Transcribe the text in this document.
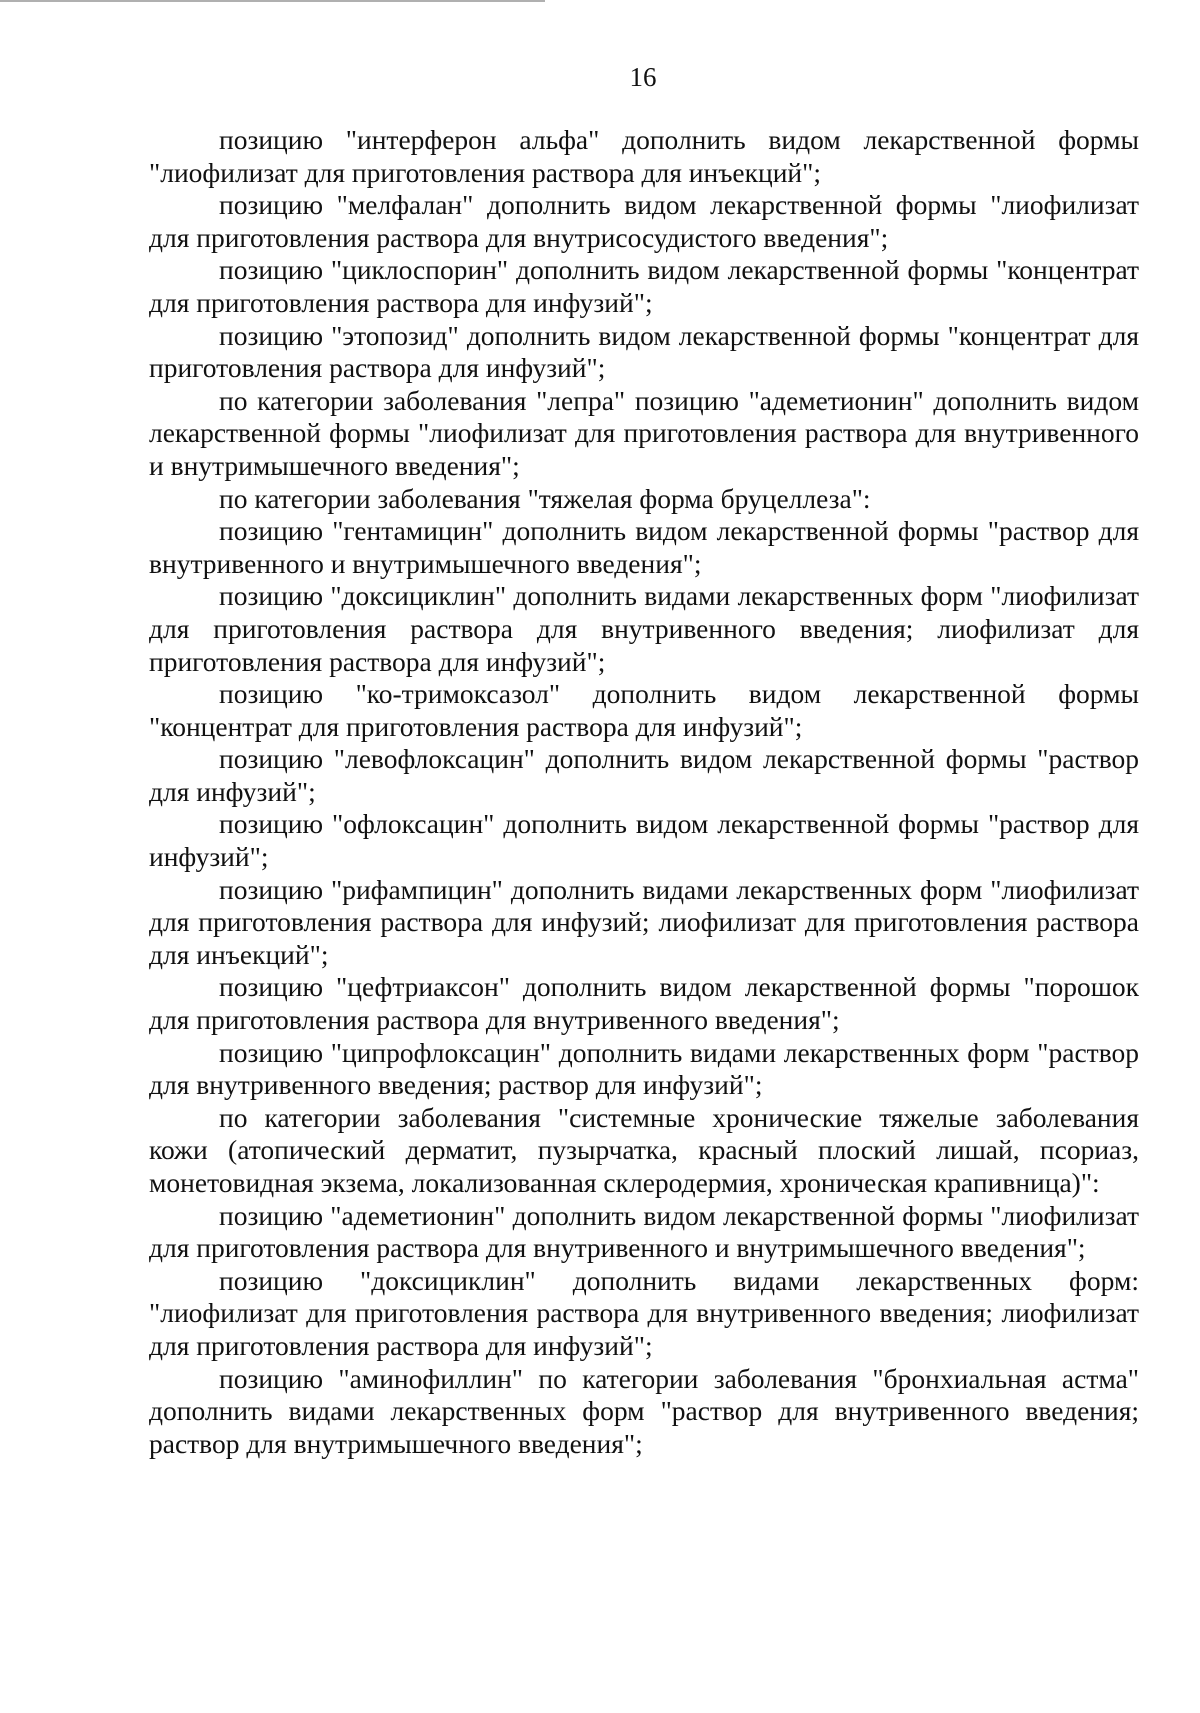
16

позицию "интерферон альфа" дополнить видом лекарственной формы "лиофилизат для приготовления раствора для инъекций";

позицию "мелфалан" дополнить видом лекарственной формы "лиофилизат для приготовления раствора для внутрисосудистого введения";

позицию "циклоспорин" дополнить видом лекарственной формы "концентрат для приготовления раствора для инфузий";

позицию "этопозид" дополнить видом лекарственной формы "концентрат для приготовления раствора для инфузий";

по категории заболевания "лепра" позицию "адеметионин" дополнить видом лекарственной формы "лиофилизат для приготовления раствора для внутривенного и внутримышечного введения";

по категории заболевания "тяжелая форма бруцеллеза":

позицию "гентамицин" дополнить видом лекарственной формы "раствор для внутривенного и внутримышечного введения";

позицию "доксициклин" дополнить видами лекарственных форм "лиофилизат для приготовления раствора для внутривенного введения; лиофилизат для приготовления раствора для инфузий";

позицию "ко-тримоксазол" дополнить видом лекарственной формы "концентрат для приготовления раствора для инфузий";

позицию "левофлоксацин" дополнить видом лекарственной формы "раствор для инфузий";

позицию "офлоксацин" дополнить видом лекарственной формы "раствор для инфузий";

позицию "рифампицин" дополнить видами лекарственных форм "лиофилизат для приготовления раствора для инфузий; лиофилизат для приготовления раствора для инъекций";

позицию "цефтриаксон" дополнить видом лекарственной формы "порошок для приготовления раствора для внутривенного введения";

позицию "ципрофлоксацин" дополнить видами лекарственных форм "раствор для внутривенного введения; раствор для инфузий";

по категории заболевания "системные хронические тяжелые заболевания кожи (атопический дерматит, пузырчатка, красный плоский лишай, псориаз, монетовидная экзема, локализованная склеродермия, хроническая крапивница)":

позицию "адеметионин" дополнить видом лекарственной формы "лиофилизат для приготовления раствора для внутривенного и внутримышечного введения";

позицию "доксициклин" дополнить видами лекарственных форм: "лиофилизат для приготовления раствора для внутривенного введения; лиофилизат для приготовления раствора для инфузий";

позицию "аминофиллин" по категории заболевания "бронхиальная астма" дополнить видами лекарственных форм "раствор для внутривенного введения; раствор для внутримышечного введения";
